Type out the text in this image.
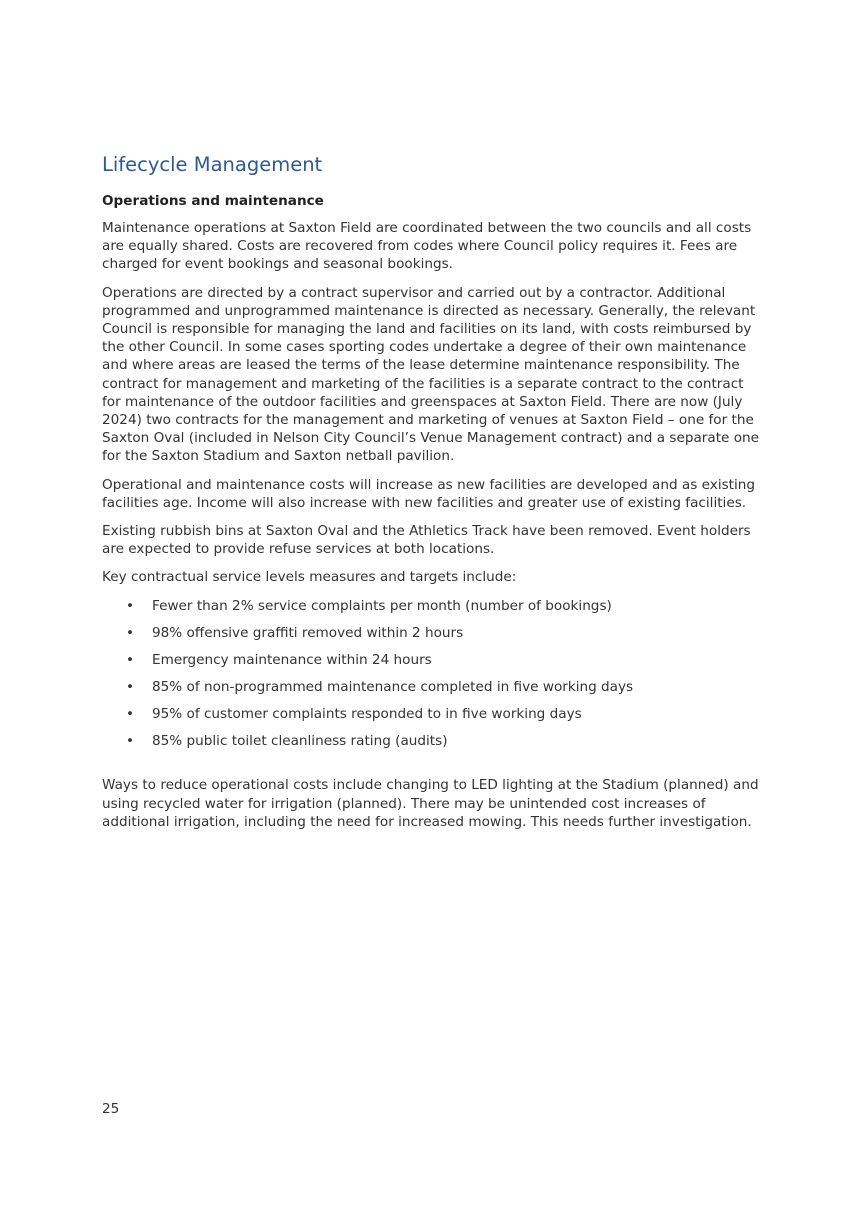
Lifecycle Management
Operations and maintenance

Maintenance operations at Saxton Field are coordinated between the two councils and all costs are equally shared. Costs are recovered from codes where Council policy requires it. Fees are charged for event bookings and seasonal bookings.

Operations are directed by a contract supervisor and carried out by a contractor. Additional programmed and unprogrammed maintenance is directed as necessary. Generally, the relevant Council is responsible for managing the land and facilities on its land, with costs reimbursed by the other Council. In some cases sporting codes undertake a degree of their own maintenance and where areas are leased the terms of the lease determine maintenance responsibility. The contract for management and marketing of the facilities is a separate contract to the contract for maintenance of the outdoor facilities and greenspaces at Saxton Field. There are now (July 2024) two contracts for the management and marketing of venues at Saxton Field – one for the Saxton Oval (included in Nelson City Council’s Venue Management contract) and a separate one for the Saxton Stadium and Saxton netball pavilion.

Operational and maintenance costs will increase as new facilities are developed and as existing facilities age. Income will also increase with new facilities and greater use of existing facilities.

Existing rubbish bins at Saxton Oval and the Athletics Track have been removed. Event holders are expected to provide refuse services at both locations.

Key contractual service levels measures and targets include:

• Fewer than 2% service complaints per month (number of bookings)
• 98% offensive graffiti removed within 2 hours
• Emergency maintenance within 24 hours
• 85% of non-programmed maintenance completed in five working days
• 95% of customer complaints responded to in five working days
• 85% public toilet cleanliness rating (audits)

Ways to reduce operational costs include changing to LED lighting at the Stadium (planned) and using recycled water for irrigation (planned). There may be unintended cost increases of additional irrigation, including the need for increased mowing. This needs further investigation.

25
